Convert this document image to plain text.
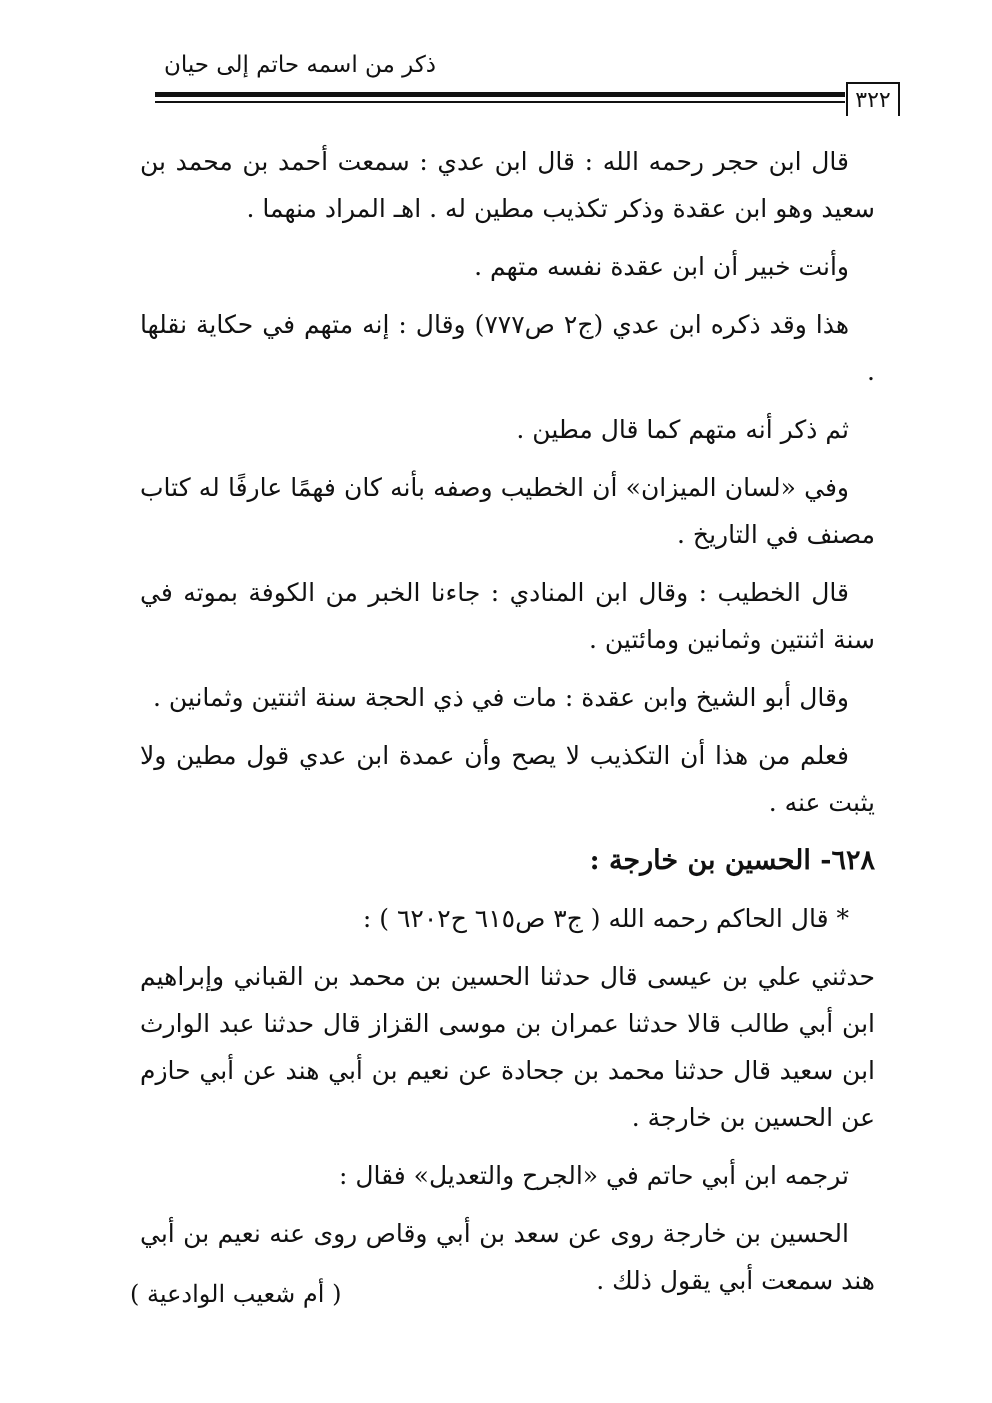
ذكر من اسمه حاتم إلى حيان
٣٢٢

قال ابن حجر رحمه الله : قال ابن عدي : سمعت أحمد بن محمد بن سعيد وهو ابن عقدة وذكر تكذيب مطين له . اهـ المراد منهما .

وأنت خبير أن ابن عقدة نفسه متهم .

هذا وقد ذكره ابن عدي (ج٢ ص٧٧٧) وقال : إنه متهم في حكاية نقلها .

ثم ذكر أنه متهم كما قال مطين .

وفي «لسان الميزان» أن الخطيب وصفه بأنه كان فهمًا عارفًا له كتاب مصنف في التاريخ .

قال الخطيب : وقال ابن المنادي : جاءنا الخبر من الكوفة بموته في سنة اثنتين وثمانين ومائتين .

وقال أبو الشيخ وابن عقدة : مات في ذي الحجة سنة اثنتين وثمانين .

فعلم من هذا أن التكذيب لا يصح وأن عمدة ابن عدي قول مطين ولا يثبت عنه .

٦٢٨- الحسين بن خارجة :

* قال الحاكم رحمه الله ( ج٣ ص٦١٥ ح٦٢٠٢ ) :

حدثني علي بن عيسى قال حدثنا الحسين بن محمد بن القباني وإبراهيم ابن أبي طالب قالا حدثنا عمران بن موسى القزاز قال حدثنا عبد الوارث ابن سعيد قال حدثنا محمد بن جحادة عن نعيم بن أبي هند عن أبي حازم عن الحسين بن خارجة .

ترجمه ابن أبي حاتم في «الجرح والتعديل» فقال :

الحسين بن خارجة روى عن سعد بن أبي وقاص روى عنه نعيم بن أبي هند سمعت أبي يقول ذلك .

( أم شعيب الوادعية )
